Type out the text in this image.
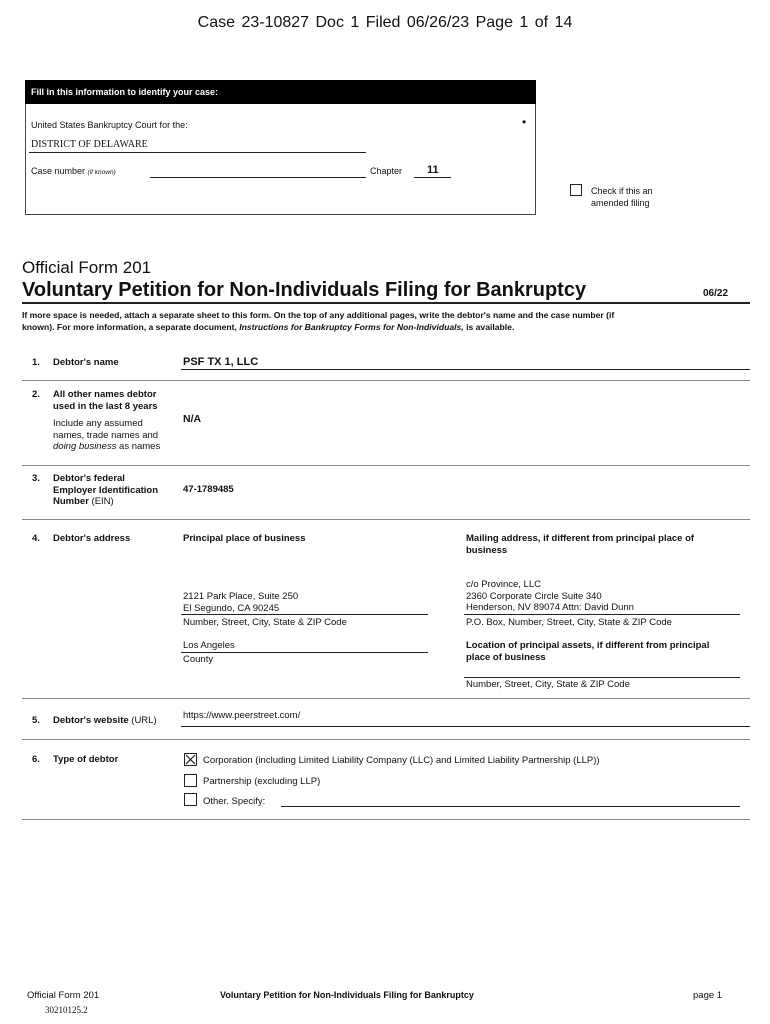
Case 23-10827 Doc 1 Filed 06/26/23 Page 1 of 14
Fill in this information to identify your case:
United States Bankruptcy Court for the:	•
DISTRICT OF DELAWARE
Case number (if known)	Chapter 11
Check if this an
amended filing
Official Form 201
Voluntary Petition for Non-Individuals Filing for Bankruptcy	06/22
If more space is needed, attach a separate sheet to this form. On the top of any additional pages, write the debtor's name and the case number (if
known). For more information, a separate document, Instructions for Bankruptcy Forms for Non-Individuals, is available.
1. Debtor's name	PSF TX 1, LLC
2. All other names debtor
used in the last 8 years
Include any assumed
names, trade names and
doing business as names
N/A
3. Debtor's federal
Employer Identification
Number (EIN)
47-1789485
4. Debtor's address	Principal place of business	Mailing address, if different from principal place of
business
2121 Park Place, Suite 250
El Segundo, CA 90245
Number, Street, City, State & ZIP Code
Los Angeles
County
c/o Province, LLC
2360 Corporate Circle Suite 340
Henderson, NV 89074 Attn: David Dunn
P.O. Box, Number, Street, City, State & ZIP Code
Location of principal assets, if different from principal
place of business
Number, Street, City, State & ZIP Code
5. Debtor's website (URL)	https://www.peerstreet.com/
6. Type of debtor	Corporation (including Limited Liability Company (LLC) and Limited Liability Partnership (LLP))
Partnership (excluding LLP)
Other. Specify:
Official Form 201	Voluntary Petition for Non-Individuals Filing for Bankruptcy	page 1
30210125.2
